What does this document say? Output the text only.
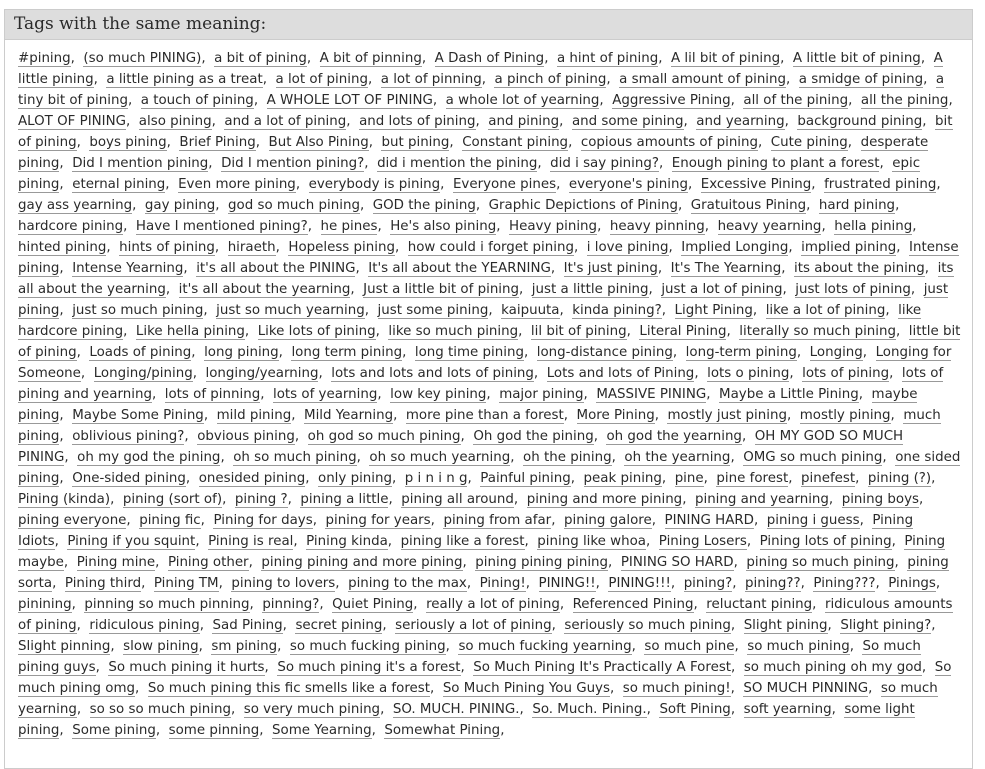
Tags with the same meaning:
#pining,  (so much PINING),  a bit of pining,  A bit of pinning,  A Dash of Pining,  a hint of pining,  A lil bit of pining,  A little bit of pining,  A little pining,  a little pining as a treat,  a lot of pining,  a lot of pinning,  a pinch of pining,  a small amount of pining,  a smidge of pining,  a tiny bit of pining,  a touch of pining,  A WHOLE LOT OF PINING,  a whole lot of yearning,  Aggressive Pining,  all of the pining,  all the pining,  ALOT OF PINING,  also pining,  and a lot of pining,  and lots of pining,  and pining,  and some pining,  and yearning,  background pining,  bit of pining,  boys pining,  Brief Pining,  But Also Pining,  but pining,  Constant pining,  copious amounts of pining,  Cute pining,  desperate pining,  Did I mention pining,  Did I mention pining?,  did i mention the pining,  did i say pining?,  Enough pining to plant a forest,  epic pining,  eternal pining,  Even more pining,  everybody is pining,  Everyone pines,  everyone's pining,  Excessive Pining,  frustrated pining,  gay ass yearning,  gay pining,  god so much pining,  GOD the pining,  Graphic Depictions of Pining,  Gratuitous Pining,  hard pining,  hardcore pining,  Have I mentioned pining?,  he pines,  He's also pining,  Heavy pining,  heavy pinning,  heavy yearning,  hella pining,  hinted pining,  hints of pining,  hiraeth,  Hopeless pining,  how could i forget pining,  i love pining,  Implied Longing,  implied pining,  Intense pining,  Intense Yearning,  it's all about the PINING,  It's all about the YEARNING,  It's just pining,  It's The Yearning,  its about the pining,  its all about the yearning,  it's all about the yearning,  Just a little bit of pining,  just a little pining,  just a lot of pining,  just lots of pining,  just pining,  just so much pining,  just so much yearning,  just some pining,  kaipuuta,  kinda pining?,  Light Pining,  like a lot of pining,  like hardcore pining,  Like hella pining,  Like lots of pining,  like so much pining,  lil bit of pining,  Literal Pining,  literally so much pining,  little bit of pining,  Loads of pining,  long pining,  long term pining,  long time pining,  long-distance pining,  long-term pining,  Longing,  Longing for Someone,  Longing/pining,  longing/yearning,  lots and lots and lots of pining,  Lots and lots of Pining,  lots o pining,  lots of pining,  lots of pining and yearning,  lots of pinning,  lots of yearning,  low key pining,  major pining,  MASSIVE PINING,  Maybe a Little Pining,  maybe pining,  Maybe Some Pining,  mild pining,  Mild Yearning,  more pine than a forest,  More Pining,  mostly just pining,  mostly pining,  much pining,  oblivious pining?,  obvious pining,  oh god so much pining,  Oh god the pining,  oh god the yearning,  OH MY GOD SO MUCH PINING,  oh my god the pining,  oh so much pining,  oh so much yearning,  oh the pining,  oh the yearning,  OMG so much pining,  one sided pining,  One-sided pining,  onesided pining,  only pining,  p i n i n g,  Painful pining,  peak pining,  pine,  pine forest,  pinefest,  pining (?),  Pining (kinda),  pining (sort of),  pining ?,  pining a little,  pining all around,  pining and more pining,  pining and yearning,  pining boys,  pining everyone,  pining fic,  Pining for days,  pining for years,  pining from afar,  pining galore,  PINING HARD,  pining i guess,  Pining Idiots,  Pining if you squint,  Pining is real,  Pining kinda,  pining like a forest,  pining like whoa,  Pining Losers,  Pining lots of pining,  Pining maybe,  Pining mine,  Pining other,  pining pining and more pining,  pining pining pining,  PINING SO HARD,  pining so much pining,  pining sorta,  Pining third,  Pining TM,  pining to lovers,  pining to the max,  Pining!,  PINING!!,  PINING!!!,  pining?,  pining??,  Pining???,  Pinings,  pinining,  pinning so much pinning,  pinning?,  Quiet Pining,  really a lot of pining,  Referenced Pining,  reluctant pining,  ridiculous amounts of pining,  ridiculous pining,  Sad Pining,  secret pining,  seriously a lot of pining,  seriously so much pining,  Slight pining,  Slight pining?,  Slight pinning,  slow pining,  sm pining,  so much fucking pining,  so much fucking yearning,  so much pine,  so much pining,  So much pining guys,  So much pining it hurts,  So much pining it's a forest,  So Much Pining It's Practically A Forest,  so much pining oh my god,  So much pining omg,  So much pining this fic smells like a forest,  So Much Pining You Guys,  so much pining!,  SO MUCH PINNING,  so much yearning,  so so so much pining,  so very much pining,  SO. MUCH. PINING.,  So. Much. Pining.,  Soft Pining,  soft yearning,  some light pining,  Some pining,  some pinning,  Some Yearning,  Somewhat Pining,
